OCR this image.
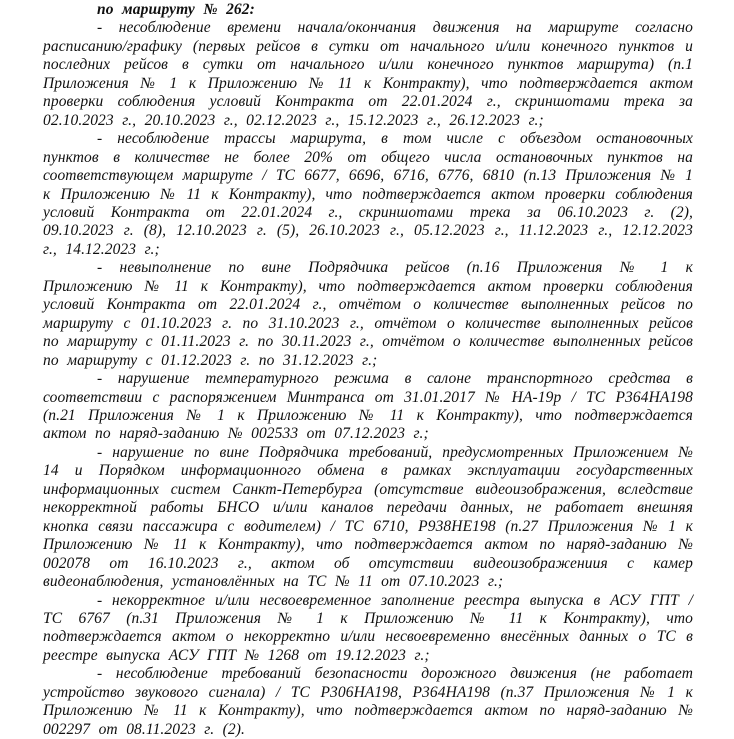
по маршруту № 262:

- несоблюдение времени начала/окончания движения на маршруте согласно расписанию/графику (первых рейсов в сутки от начального и/или конечного пунктов и последних рейсов в сутки от начального и/или конечного пунктов маршрута) (п.1 Приложения № 1 к Приложению № 11 к Контракту), что подтверждается актом проверки соблюдения условий Контракта от 22.01.2024 г., скриншотами трека за 02.10.2023 г., 20.10.2023 г., 02.12.2023 г., 15.12.2023 г., 26.12.2023 г.;

- несоблюдение трассы маршрута, в том числе с объездом остановочных пунктов в количестве не более 20% от общего числа остановочных пунктов на соответствующем маршруте / ТС 6677, 6696, 6716, 6776, 6810 (п.13 Приложения № 1 к Приложению № 11 к Контракту), что подтверждается актом проверки соблюдения условий Контракта от 22.01.2024 г., скриншотами трека за 06.10.2023 г. (2), 09.10.2023 г. (8), 12.10.2023 г. (5), 26.10.2023 г., 05.12.2023 г., 11.12.2023 г., 12.12.2023 г., 14.12.2023 г.;

- невыполнение по вине Подрядчика рейсов (п.16 Приложения № 1 к Приложению № 11 к Контракту), что подтверждается актом проверки соблюдения условий Контракта от 22.01.2024 г., отчётом о количестве выполненных рейсов по маршруту с 01.10.2023 г. по 31.10.2023 г., отчётом о количестве выполненных рейсов по маршруту с 01.11.2023 г. по 30.11.2023 г., отчётом о количестве выполненных рейсов по маршруту с 01.12.2023 г. по 31.12.2023 г.;

- нарушение температурного режима в салоне транспортного средства в соответствии с распоряжением Минтранса от 31.01.2017 № НА-19р / ТС Р364НА198 (п.21 Приложения № 1 к Приложению № 11 к Контракту), что подтверждается актом по наряд-заданию № 002533 от 07.12.2023 г.;

- нарушение по вине Подрядчика требований, предусмотренных Приложением № 14 и Порядком информационного обмена в рамках эксплуатации государственных информационных систем Санкт-Петербурга (отсутствие видеоизображения, вследствие некорректной работы БНСО и/или каналов передачи данных, не работает внешняя кнопка связи пассажира с водителем) / ТС 6710, Р938НЕ198 (п.27 Приложения № 1 к Приложению № 11 к Контракту), что подтверждается актом по наряд-заданию № 002078 от 16.10.2023 г., актом об отсутствии видеоизображениия с камер видеонаблюдения, установлённых на ТС № 11 от 07.10.2023 г.;

- некорректное и/или несвоевременное заполнение реестра выпуска в АСУ ГПТ / ТС 6767 (п.31 Приложения № 1 к Приложению № 11 к Контракту), что подтверждается актом о некорректно и/или несвоевременно внесённых данных о ТС в реестре выпуска АСУ ГПТ № 1268 от 19.12.2023 г.;

- несоблюдение требований безопасности дорожного движения (не работает устройство звукового сигнала) / ТС Р306НА198, Р364НА198 (п.37 Приложения № 1 к Приложению № 11 к Контракту), что подтверждается актом по наряд-заданию № 002297 от 08.11.2023 г. (2).
